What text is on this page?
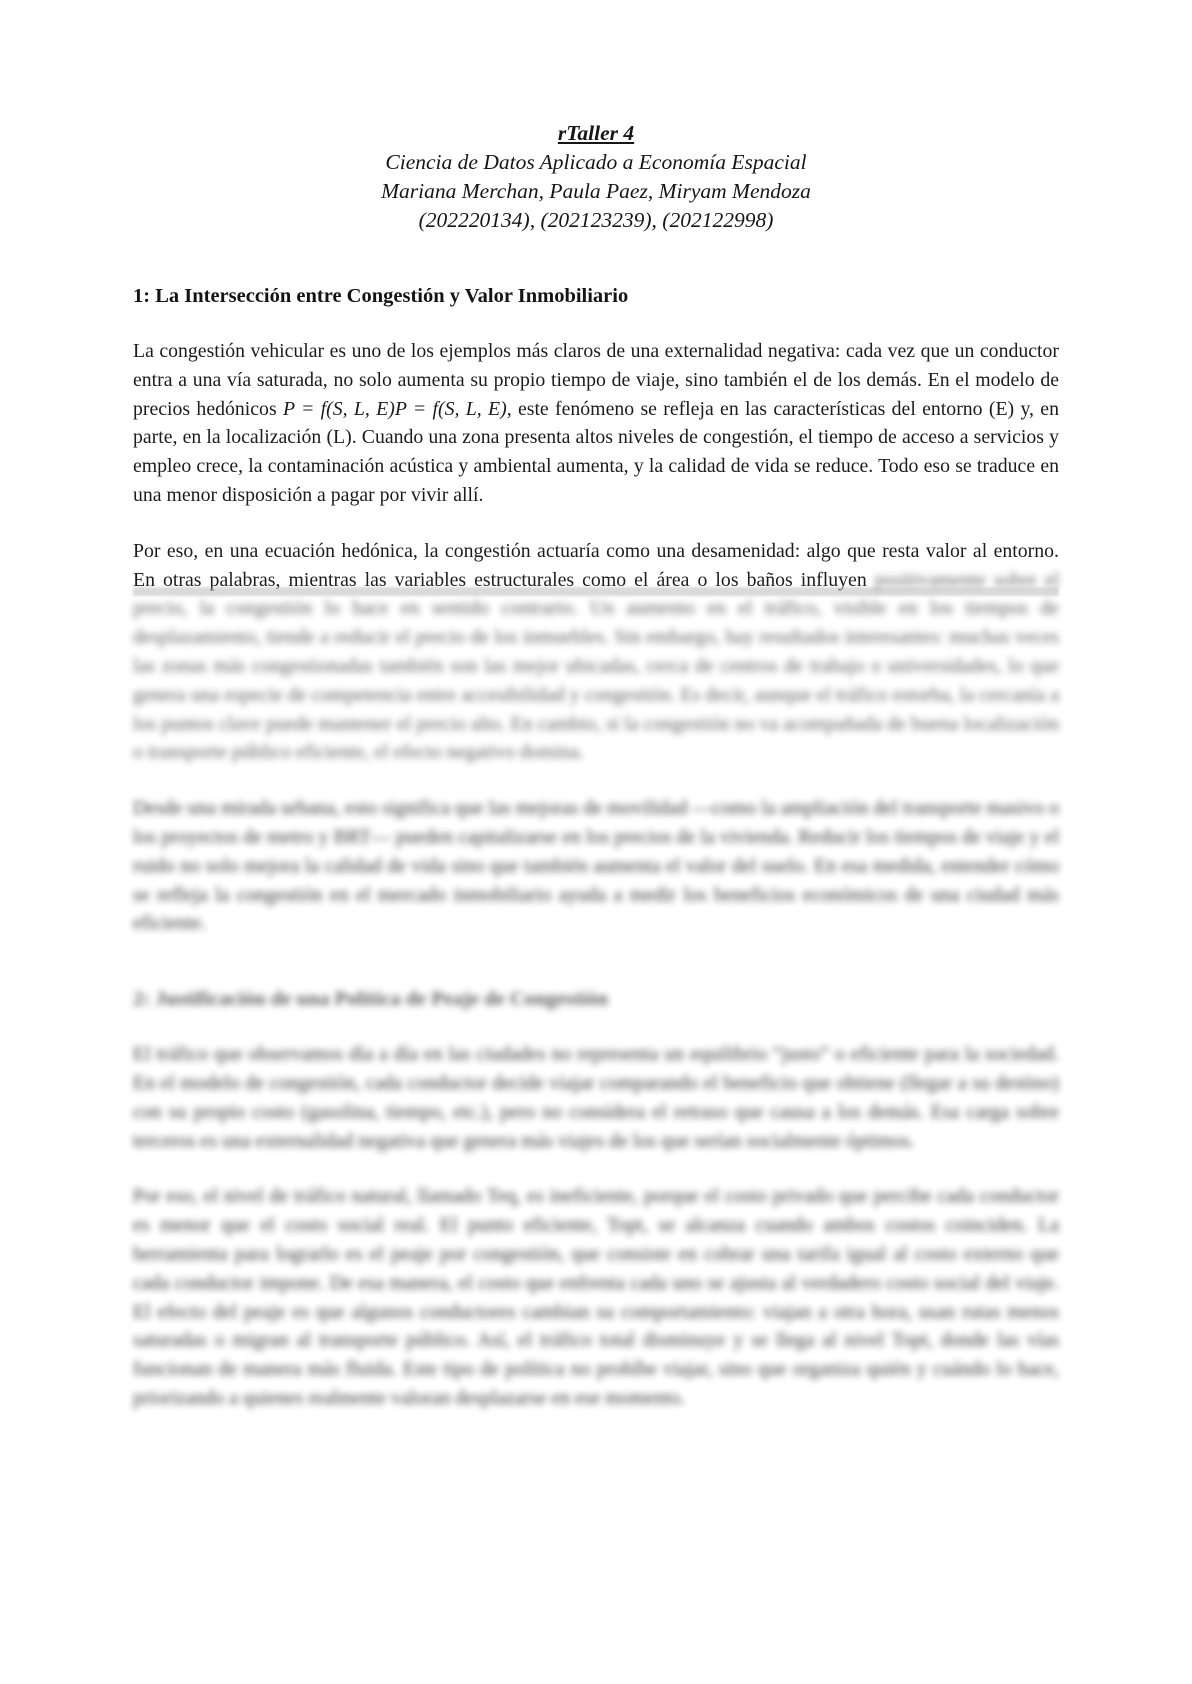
rTaller 4
Ciencia de Datos Aplicado a Economía Espacial
Mariana Merchan, Paula Paez, Miryam Mendoza
(202220134), (202123239), (202122998)
1: La Intersección entre Congestión y Valor Inmobiliario

La congestión vehicular es uno de los ejemplos más claros de una externalidad negativa: cada vez que un conductor entra a una vía saturada, no solo aumenta su propio tiempo de viaje, sino también el de los demás. En el modelo de precios hedónicos P = f(S, L, E)P = f(S, L, E), este fenómeno se refleja en las características del entorno (E) y, en parte, en la localización (L). Cuando una zona presenta altos niveles de congestión, el tiempo de acceso a servicios y empleo crece, la contaminación acústica y ambiental aumenta, y la calidad de vida se reduce. Todo eso se traduce en una menor disposición a pagar por vivir allí.

Por eso, en una ecuación hedónica, la congestión actuaría como una desamenidad: algo que resta valor al entorno. En otras palabras, mientras las variables estructurales como el área o los baños influyen positivamente sobre el precio, la congestión lo hace en sentido contrario. Un aumento en el tráfico, visible en los tiempos de desplazamiento, tiende a reducir el precio de los inmuebles. Sin embargo, hay resultados interesantes: muchas veces las zonas más congestionadas también son las mejor ubicadas, cerca de centros de trabajo o universidades, lo que genera una especie de competencia entre accesibilidad y congestión. Es decir, aunque el tráfico estorba, la cercanía a los puntos clave puede mantener el precio alto. En cambio, si la congestión no va acompañada de buena localización o transporte público eficiente, el efecto negativo domina.

Desde una mirada urbana, esto significa que las mejoras de movilidad —como la ampliación del transporte masivo o los proyectos de metro y BRT— pueden capitalizarse en los precios de la vivienda. Reducir los tiempos de viaje y el ruido no solo mejora la calidad de vida sino que también aumenta el valor del suelo. En esa medida, entender cómo se refleja la congestión en el mercado inmobiliario ayuda a medir los beneficios económicos de una ciudad más eficiente.

2: Justificación de una Política de Peaje de Congestión

El tráfico que observamos día a día en las ciudades no representa un equilibrio “justo” o eficiente para la sociedad. En el modelo de congestión, cada conductor decide viajar comparando el beneficio que obtiene (llegar a su destino) con su propio costo (gasolina, tiempo, etc.), pero no considera el retraso que causa a los demás. Esa carga sobre terceros es una externalidad negativa que genera más viajes de los que serían socialmente óptimos.

Por eso, el nivel de tráfico natural, llamado Teq, es ineficiente, porque el costo privado que percibe cada conductor es menor que el costo social real. El punto eficiente, Topt, se alcanza cuando ambos costos coinciden. La herramienta para lograrlo es el peaje por congestión, que consiste en cobrar una tarifa igual al costo externo que cada conductor impone. De esa manera, el costo que enfrenta cada uno se ajusta al verdadero costo social del viaje. El efecto del peaje es que algunos conductores cambian su comportamiento: viajan a otra hora, usan rutas menos saturadas o migran al transporte público. Así, el tráfico total disminuye y se llega al nivel Topt, donde las vías funcionan de manera más fluida. Este tipo de política no prohíbe viajar, sino que organiza quién y cuándo lo hace, priorizando a quienes realmente valoran desplazarse en ese momento.
